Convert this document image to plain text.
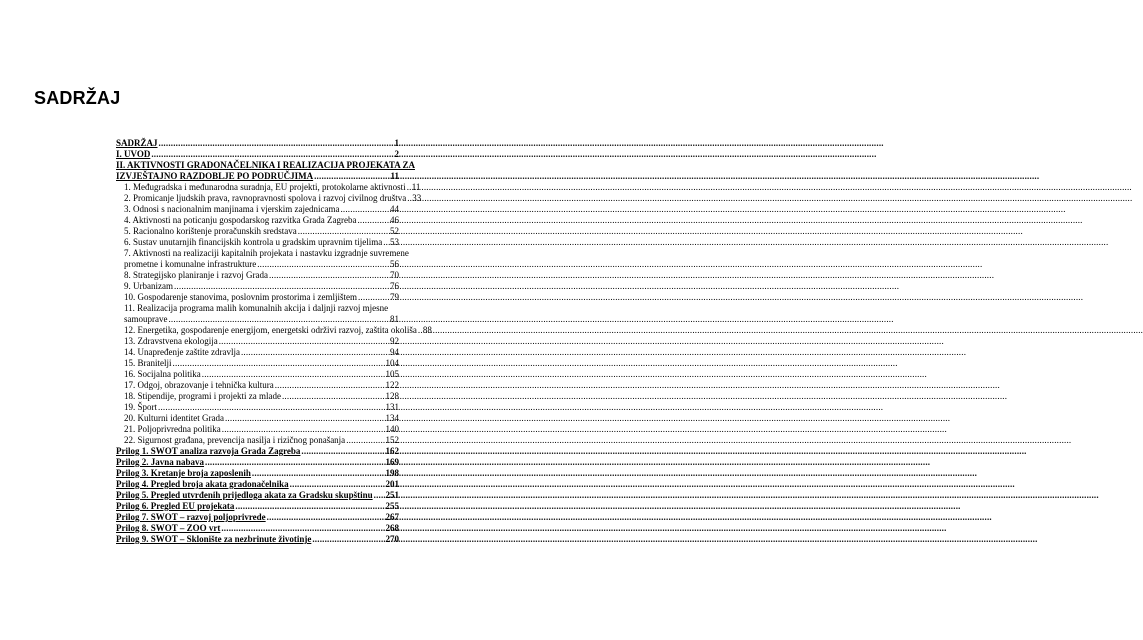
SADRŽAJ
SADRŽAJ .....	1
I. UVOD .....	2
II. AKTIVNOSTI GRADONAČELNIKA I REALIZACIJA PROJEKATA ZA
IZVJEŠTAJNO RAZDOBLJE PO PODRUČJIMA .....	11
1. Međugradska i međunarodna suradnja, EU projekti, protokolarne aktivnosti ..... 11
2. Promicanje ljudskih prava, ravnopravnosti spolova i razvoj civilnog društva ..... 33
3. Odnosi s nacionalnim manjinama i vjerskim zajednicama .....	44
4. Aktivnosti na poticanju gospodarskog razvitka Grada Zagreba .....	46
5. Racionalno korištenje proračunskih sredstava .....	52
6. Sustav unutarnjih financijskih kontrola u gradskim upravnim tijelima ..... 53
7. Aktivnosti na realizaciji kapitalnih projekata i nastavku izgradnje suvremene
prometne i komunalne infrastrukture .....	56
8. Strategijsko planiranje i razvoj Grada .....	70
9. Urbanizam .....	76
10. Gospodarenje stanovima, poslovnim prostorima i zemljištem .....	79
11. Realizacija programa malih komunalnih akcija i daljnji razvoj mjesne
samouprave .....	81
12. Energetika, gospodarenje energijom, energetski održivi razvoj, zaštita okoliša ..... 88
13. Zdravstvena ekologija .....	92
14. Unapređenje zaštite zdravlja .....	94
15. Branitelji .....	104
16. Socijalna politika .....	105
17. Odgoj, obrazovanje i tehnička kultura .....	122
18. Stipendije, programi i projekti za mlade .....	128
19. Šport .....	131
20. Kulturni identitet Grada .....	134
21. Poljoprivredna politika .....	140
22. Sigurnost građana, prevencija nasilja i rizičnog ponašanja .....	152
Prilog 1. SWOT analiza razvoja Grada Zagreba .....	162
Prilog 2. Javna nabava .....	169
Prilog 3. Kretanje broja zaposlenih .....	198
Prilog 4. Pregled broja akata gradonačelnika .....	201
Prilog 5. Pregled utvrđenih prijedloga akata za Gradsku skupštinu ..... 251
Prilog 6. Pregled EU projekata .....	255
Prilog 7. SWOT – razvoj poljoprivrede .....	267
Prilog 8. SWOT – ZOO vrt .....	268
Prilog 9. SWOT – Sklonište za nezbrinute životinje .....	270
